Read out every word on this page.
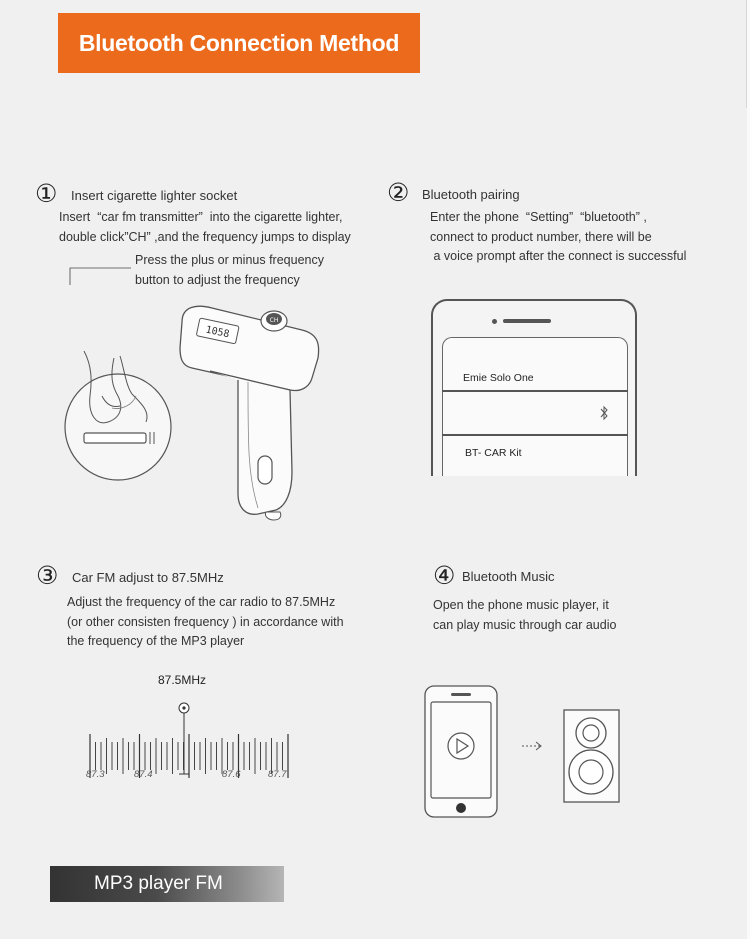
Bluetooth Connection Method
① Insert cigarette lighter socket
Insert  “car fm transmitter”  into the cigarette lighter,
double click”CH” ,and the frequency jumps to display
Press the plus or minus frequency
button to adjust the frequency
1058
CH
② Bluetooth pairing
Enter the phone  “Setting”  “bluetooth” ,
connect to product number, there will be
a voice prompt after the connect is successful
Emie Solo One
BT- CAR Kit
③ Car FM adjust to 87.5MHz
Adjust the frequency of the car radio to 87.5MHz
(or other consisten frequency ) in accordance with
the frequency of the MP3 player
87.5MHz
87.3	87.4	87.6	87.7
④ Bluetooth Music
Open the phone music player, it
can play music through car audio
MP3 player FM
